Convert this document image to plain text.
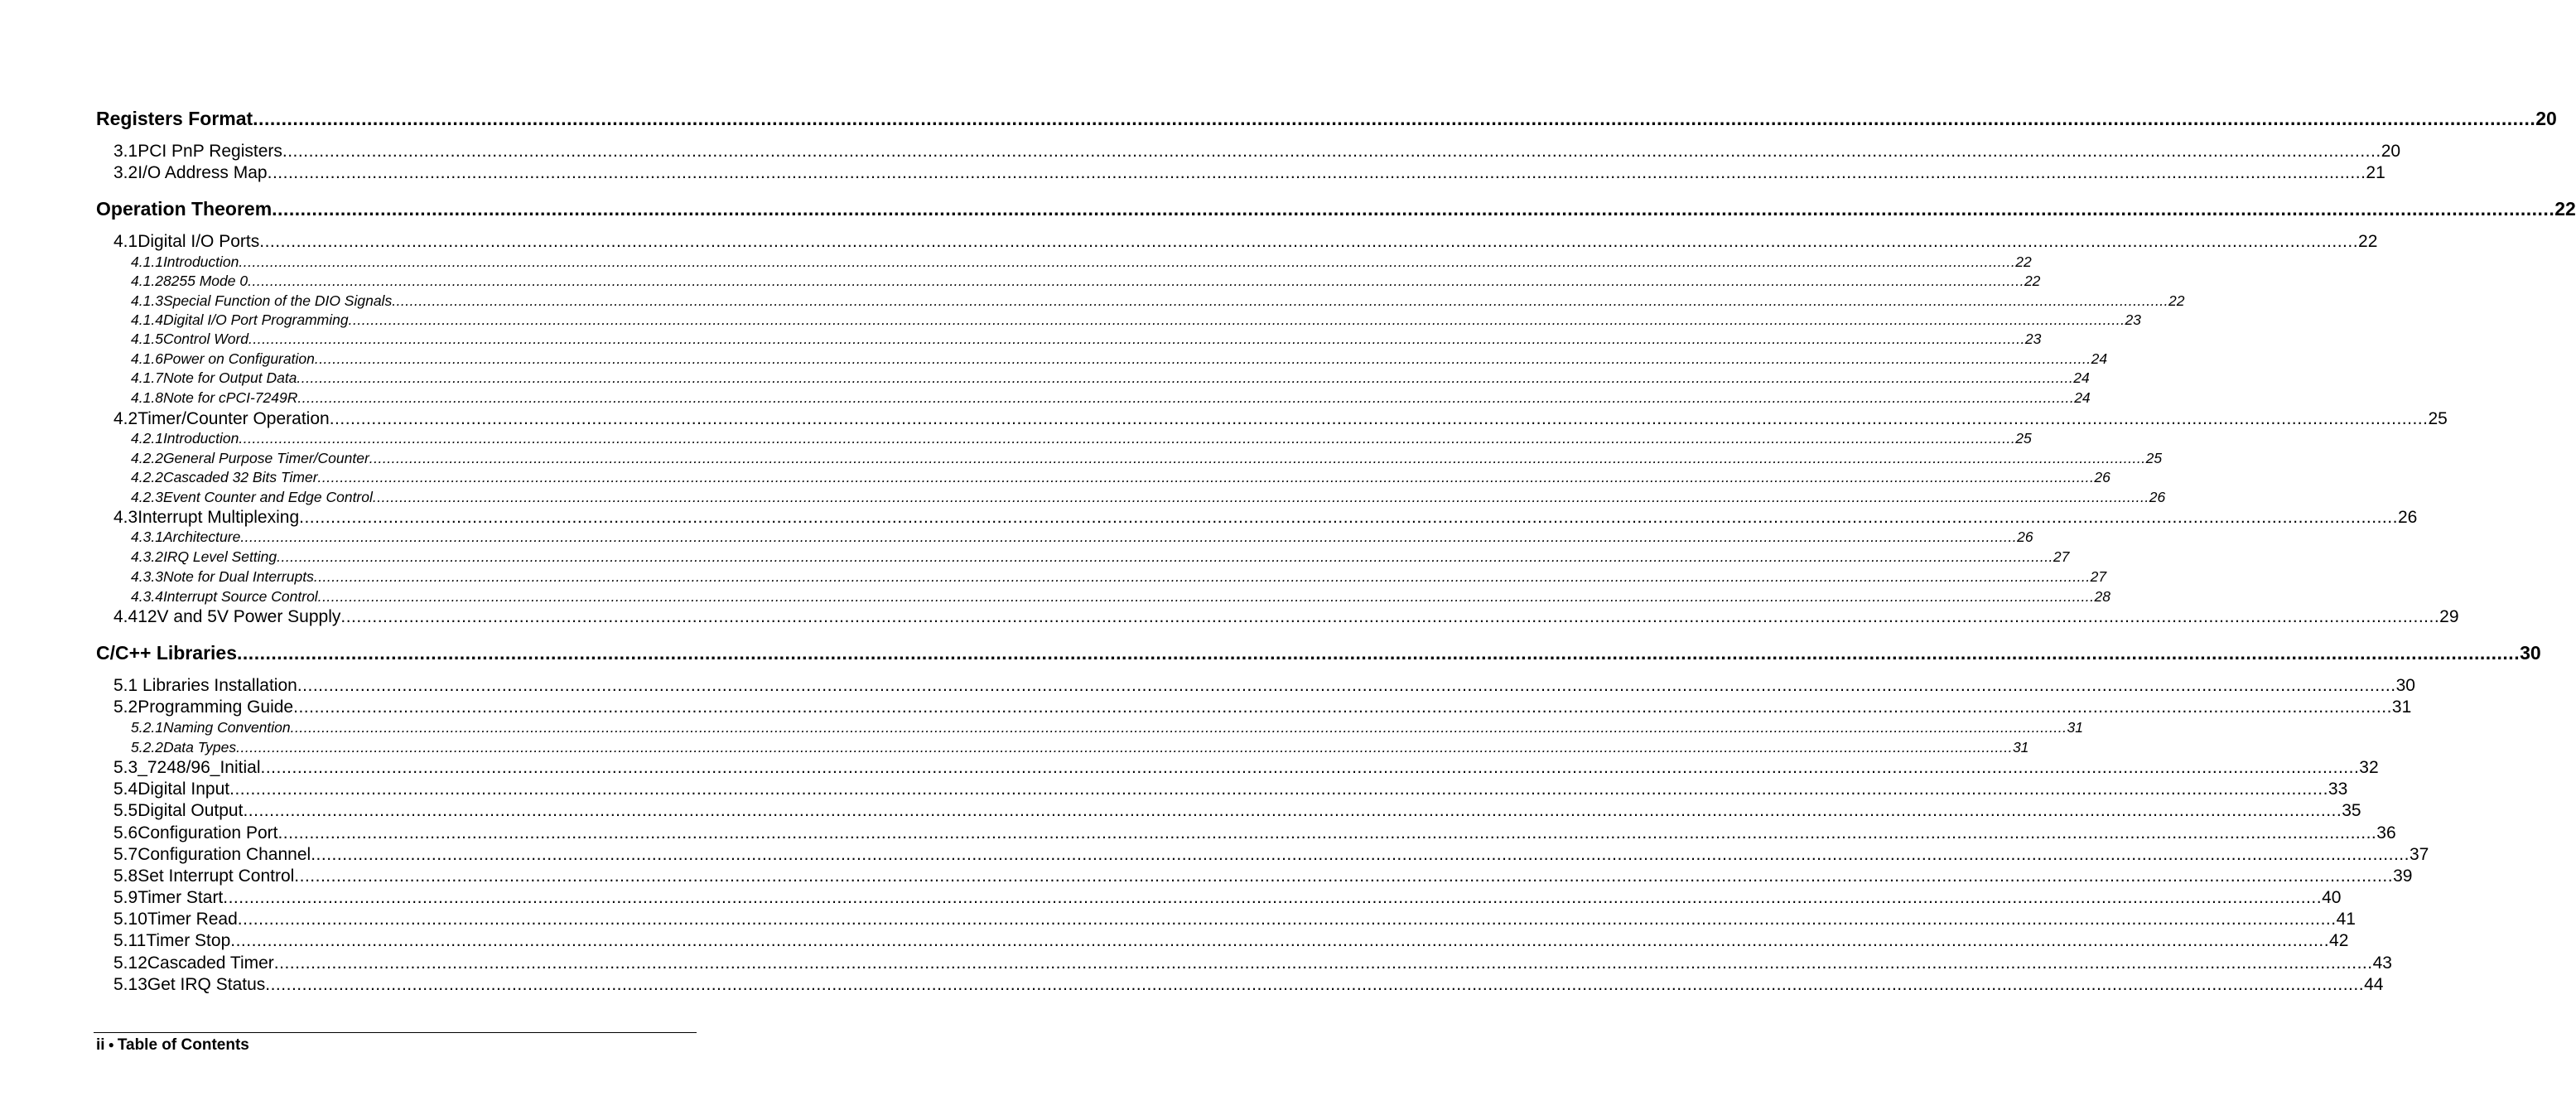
Registers Format ................................................................................................................................................................................................................................................................................................................................................................................................................ 20
3.1 PCI PnP Registers ................................................................................................................................................................................................................................................................................................................................................................................................................ 20
3.2 I/O Address Map ................................................................................................................................................................................................................................................................................................................................................................................................................ 21
Operation Theorem ................................................................................................................................................................................................................................................................................................................................................................................................................ 22
4.1 Digital I/O Ports ................................................................................................................................................................................................................................................................................................................................................................................................................ 22
4.1.1 Introduction ................................................................................................................................................................................................................................................................................................................................................................................................................ 22
4.1.2 8255 Mode 0 ................................................................................................................................................................................................................................................................................................................................................................................................................ 22
4.1.3 Special Function of the DIO Signals ................................................................................................................................................................................................................................................................................................................................................................................................................ 22
4.1.4 Digital I/O Port Programming ................................................................................................................................................................................................................................................................................................................................................................................................................ 23
4.1.5 Control Word ................................................................................................................................................................................................................................................................................................................................................................................................................ 23
4.1.6 Power on Configuration ................................................................................................................................................................................................................................................................................................................................................................................................................ 24
4.1.7 Note for Output Data ................................................................................................................................................................................................................................................................................................................................................................................................................ 24
4.1.8 Note for cPCI-7249R ................................................................................................................................................................................................................................................................................................................................................................................................................ 24
4.2 Timer/Counter Operation ................................................................................................................................................................................................................................................................................................................................................................................................................ 25
4.2.1 Introduction ................................................................................................................................................................................................................................................................................................................................................................................................................ 25
4.2.2 General Purpose Timer/Counter ................................................................................................................................................................................................................................................................................................................................................................................................................ 25
4.2.2 Cascaded 32 Bits Timer ................................................................................................................................................................................................................................................................................................................................................................................................................ 26
4.2.3 Event Counter and Edge Control ................................................................................................................................................................................................................................................................................................................................................................................................................ 26
4.3 Interrupt Multiplexing ................................................................................................................................................................................................................................................................................................................................................................................................................ 26
4.3.1 Architecture ................................................................................................................................................................................................................................................................................................................................................................................................................ 26
4.3.2 IRQ Level Setting ................................................................................................................................................................................................................................................................................................................................................................................................................ 27
4.3.3 Note for Dual Interrupts ................................................................................................................................................................................................................................................................................................................................................................................................................ 27
4.3.4 Interrupt Source Control ................................................................................................................................................................................................................................................................................................................................................................................................................ 28
4.4 12V and 5V Power Supply ................................................................................................................................................................................................................................................................................................................................................................................................................ 29
C/C++ Libraries ................................................................................................................................................................................................................................................................................................................................................................................................................ 30
5.1 Libraries Installation ................................................................................................................................................................................................................................................................................................................................................................................................................ 30
5.2 Programming Guide ................................................................................................................................................................................................................................................................................................................................................................................................................ 31
5.2.1 Naming Convention ................................................................................................................................................................................................................................................................................................................................................................................................................ 31
5.2.2 Data Types ................................................................................................................................................................................................................................................................................................................................................................................................................ 31
5.3 _7248/96_Initial ................................................................................................................................................................................................................................................................................................................................................................................................................ 32
5.4 Digital Input ................................................................................................................................................................................................................................................................................................................................................................................................................ 33
5.5 Digital Output ................................................................................................................................................................................................................................................................................................................................................................................................................ 35
5.6 Configuration Port ................................................................................................................................................................................................................................................................................................................................................................................................................ 36
5.7 Configuration Channel ................................................................................................................................................................................................................................................................................................................................................................................................................ 37
5.8 Set Interrupt Control ................................................................................................................................................................................................................................................................................................................................................................................................................ 39
5.9 Timer Start ................................................................................................................................................................................................................................................................................................................................................................................................................ 40
5.10 Timer Read ................................................................................................................................................................................................................................................................................................................................................................................................................ 41
5.11 Timer Stop ................................................................................................................................................................................................................................................................................................................................................................................................................ 42
5.12 Cascaded Timer ................................................................................................................................................................................................................................................................................................................................................................................................................ 43
5.13 Get IRQ Status ................................................................................................................................................................................................................................................................................................................................................................................................................ 44
ii ● Table of Contents
